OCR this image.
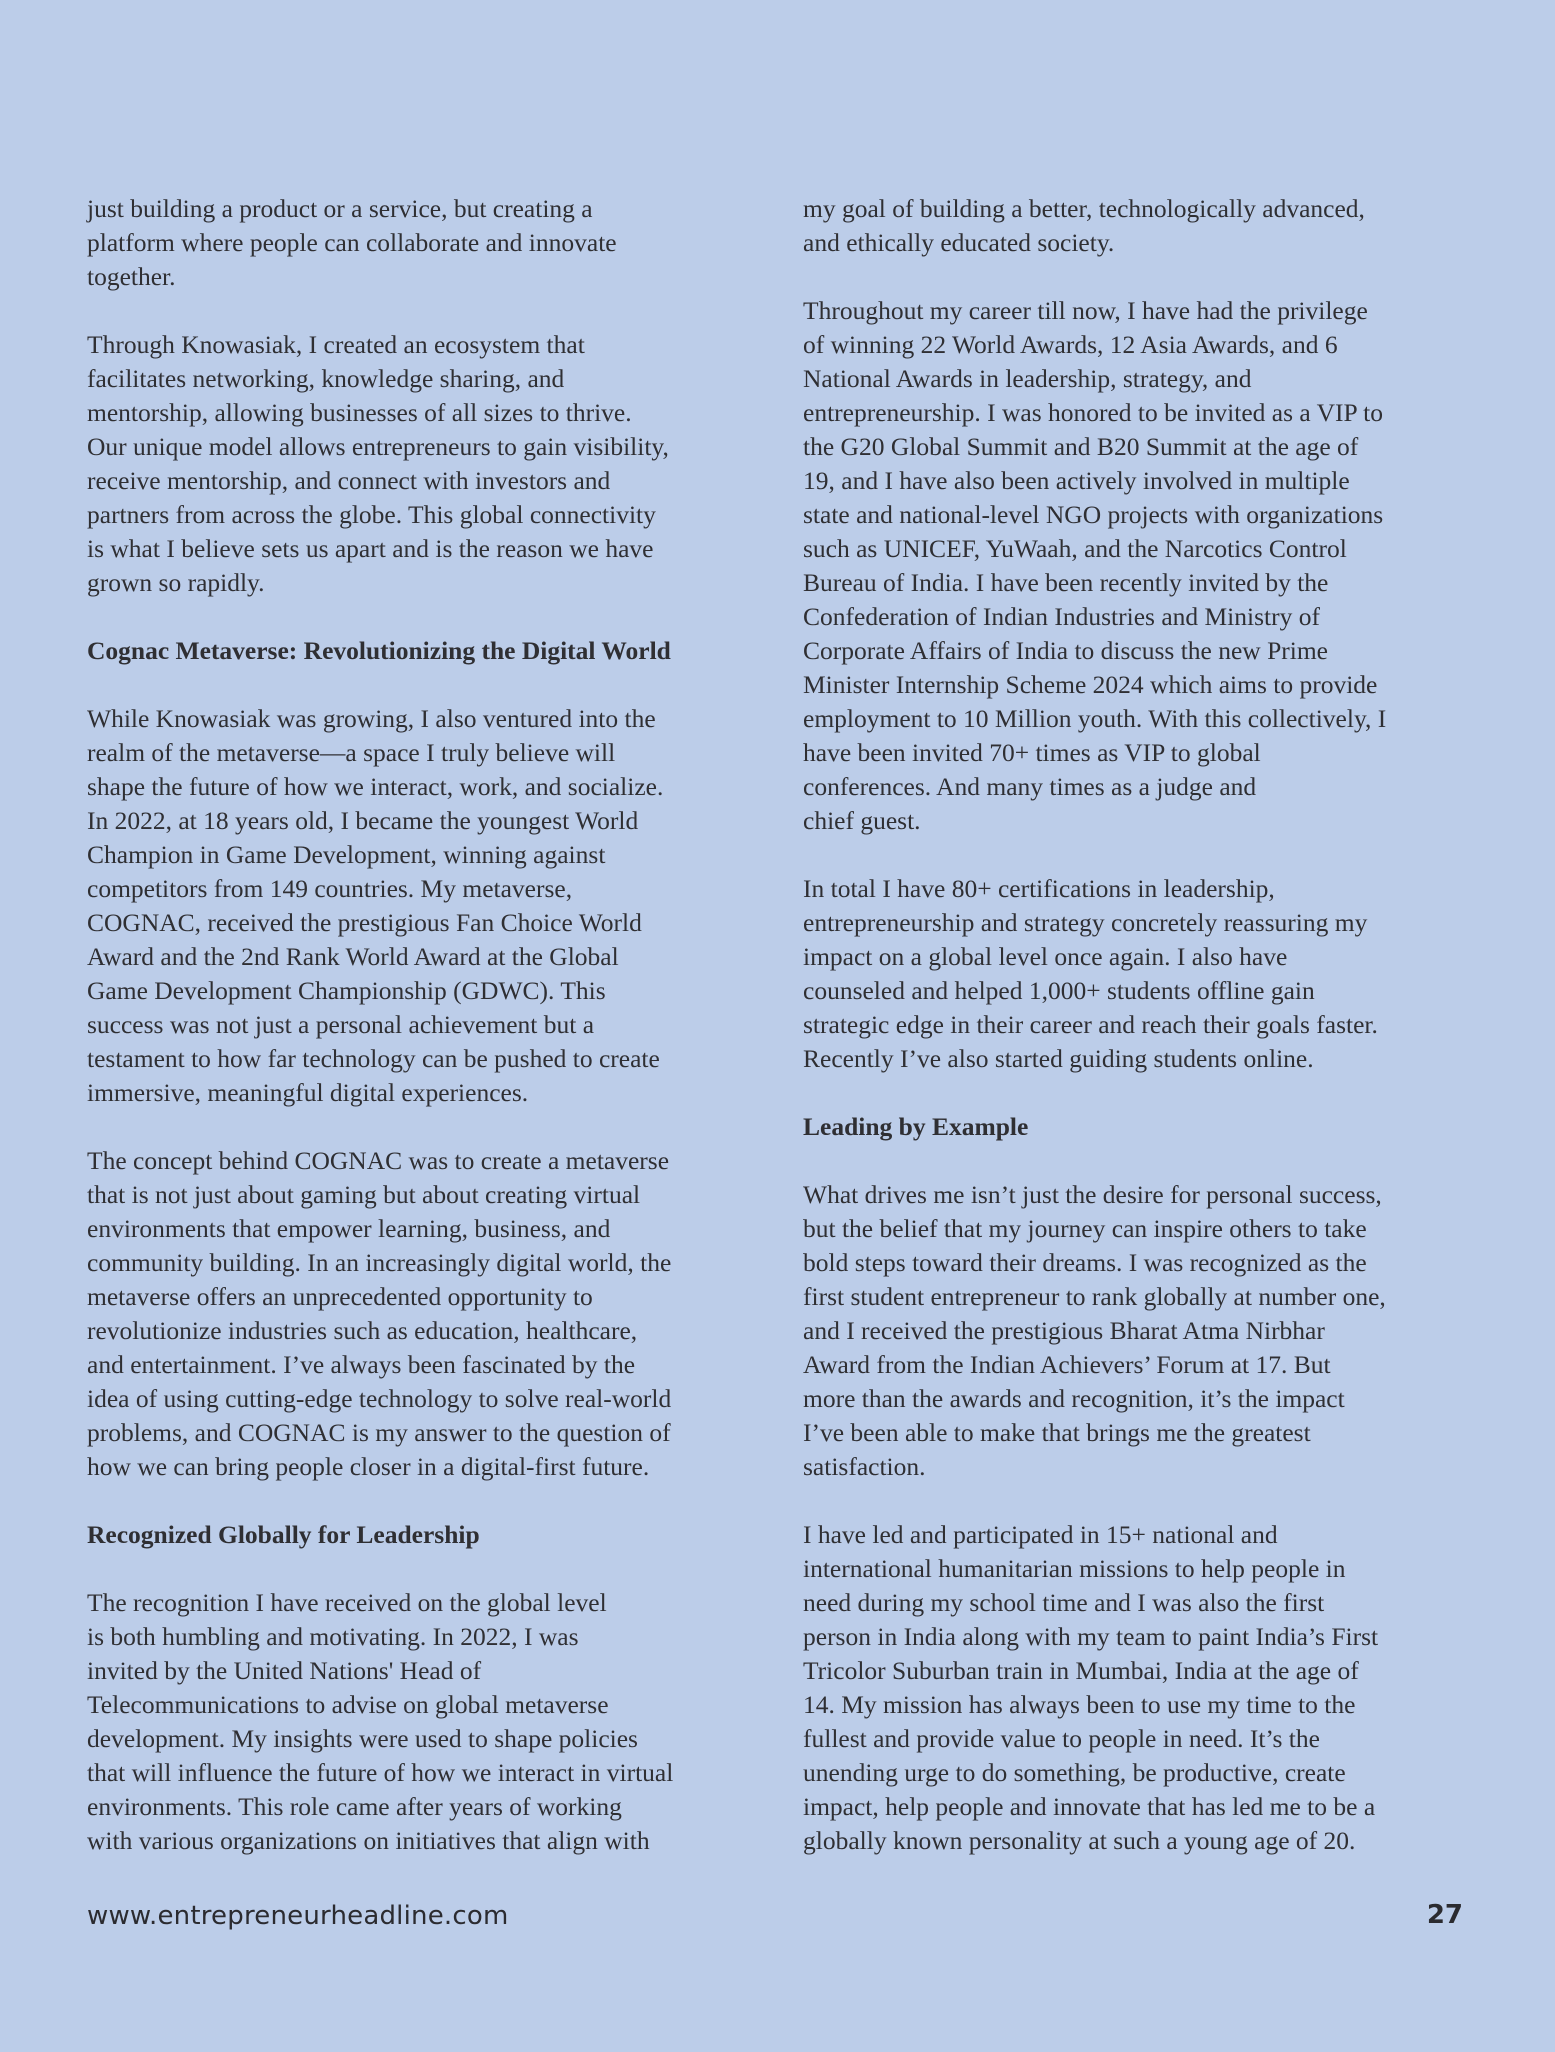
just building a product or a service, but creating a
platform where people can collaborate and innovate
together.

Through Knowasiak, I created an ecosystem that
facilitates networking, knowledge sharing, and
mentorship, allowing businesses of all sizes to thrive.
Our unique model allows entrepreneurs to gain visibility,
receive mentorship, and connect with investors and
partners from across the globe. This global connectivity
is what I believe sets us apart and is the reason we have
grown so rapidly.

Cognac Metaverse: Revolutionizing the Digital World

While Knowasiak was growing, I also ventured into the
realm of the metaverse—a space I truly believe will
shape the future of how we interact, work, and socialize.
In 2022, at 18 years old, I became the youngest World
Champion in Game Development, winning against
competitors from 149 countries. My metaverse,
COGNAC, received the prestigious Fan Choice World
Award and the 2nd Rank World Award at the Global
Game Development Championship (GDWC). This
success was not just a personal achievement but a
testament to how far technology can be pushed to create
immersive, meaningful digital experiences.

The concept behind COGNAC was to create a metaverse
that is not just about gaming but about creating virtual
environments that empower learning, business, and
community building. In an increasingly digital world, the
metaverse offers an unprecedented opportunity to
revolutionize industries such as education, healthcare,
and entertainment. I’ve always been fascinated by the
idea of using cutting-edge technology to solve real-world
problems, and COGNAC is my answer to the question of
how we can bring people closer in a digital-first future.

Recognized Globally for Leadership

The recognition I have received on the global level
is both humbling and motivating. In 2022, I was
invited by the United Nations' Head of
Telecommunications to advise on global metaverse
development. My insights were used to shape policies
that will influence the future of how we interact in virtual
environments. This role came after years of working
with various organizations on initiatives that align with

my goal of building a better, technologically advanced,
and ethically educated society.

Throughout my career till now, I have had the privilege
of winning 22 World Awards, 12 Asia Awards, and 6
National Awards in leadership, strategy, and
entrepreneurship. I was honored to be invited as a VIP to
the G20 Global Summit and B20 Summit at the age of
19, and I have also been actively involved in multiple
state and national-level NGO projects with organizations
such as UNICEF, YuWaah, and the Narcotics Control
Bureau of India. I have been recently invited by the
Confederation of Indian Industries and Ministry of
Corporate Affairs of India to discuss the new Prime
Minister Internship Scheme 2024 which aims to provide
employment to 10 Million youth. With this collectively, I
have been invited 70+ times as VIP to global
conferences. And many times as a judge and
chief guest.

In total I have 80+ certifications in leadership,
entrepreneurship and strategy concretely reassuring my
impact on a global level once again. I also have
counseled and helped 1,000+ students offline gain
strategic edge in their career and reach their goals faster.
Recently I’ve also started guiding students online.

Leading by Example

What drives me isn’t just the desire for personal success,
but the belief that my journey can inspire others to take
bold steps toward their dreams. I was recognized as the
first student entrepreneur to rank globally at number one,
and I received the prestigious Bharat Atma Nirbhar
Award from the Indian Achievers’ Forum at 17. But
more than the awards and recognition, it’s the impact
I’ve been able to make that brings me the greatest
satisfaction.

I have led and participated in 15+ national and
international humanitarian missions to help people in
need during my school time and I was also the first
person in India along with my team to paint India’s First
Tricolor Suburban train in Mumbai, India at the age of
14. My mission has always been to use my time to the
fullest and provide value to people in need. It’s the
unending urge to do something, be productive, create
impact, help people and innovate that has led me to be a
globally known personality at such a young age of 20.

www.entrepreneurheadline.com	27
